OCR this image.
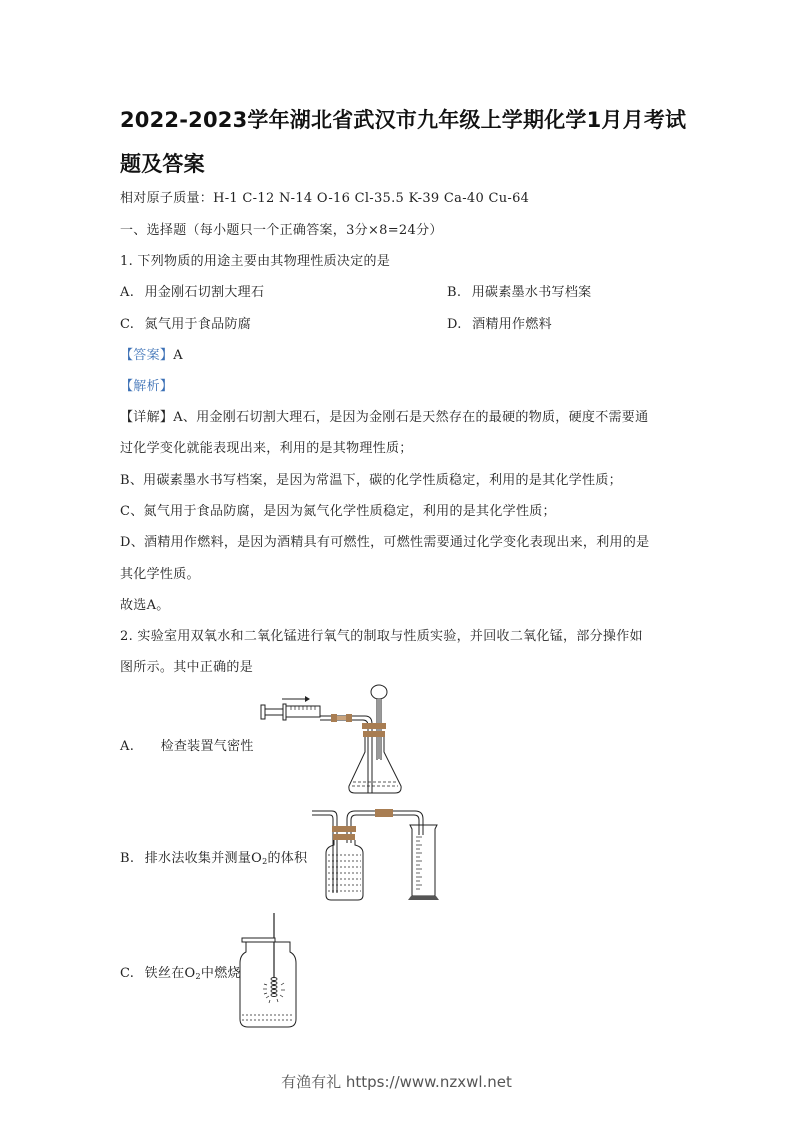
2022-2023学年湖北省武汉市九年级上学期化学1月月考试
题及答案
相对原子质量：H-1 C-12 N-14 O-16 Cl-35.5 K-39 Ca-40 Cu-64
一、选择题（每小题只一个正确答案，3分×8=24分）
1. 下列物质的用途主要由其物理性质决定的是
A. 用金刚石切割大理石	B. 用碳素墨水书写档案
C. 氮气用于食品防腐	D. 酒精用作燃料
【答案】A
【解析】
【详解】A、用金刚石切割大理石，是因为金刚石是天然存在的最硬的物质，硬度不需要通
过化学变化就能表现出来，利用的是其物理性质；
B、用碳素墨水书写档案，是因为常温下，碳的化学性质稳定，利用的是其化学性质；
C、氮气用于食品防腐，是因为氮气化学性质稳定，利用的是其化学性质；
D、酒精用作燃料，是因为酒精具有可燃性，可燃性需要通过化学变化表现出来，利用的是
其化学性质。
故选A。
2. 实验室用双氧水和二氧化锰进行氧气的制取与性质实验，并回收二氧化锰，部分操作如
图所示。其中正确的是
A. 检查装置气密性
B. 排水法收集并测量$O_2$的体积
C. 铁丝在$O_2$中燃烧
有渔有礼 https://www.nzxwl.net
